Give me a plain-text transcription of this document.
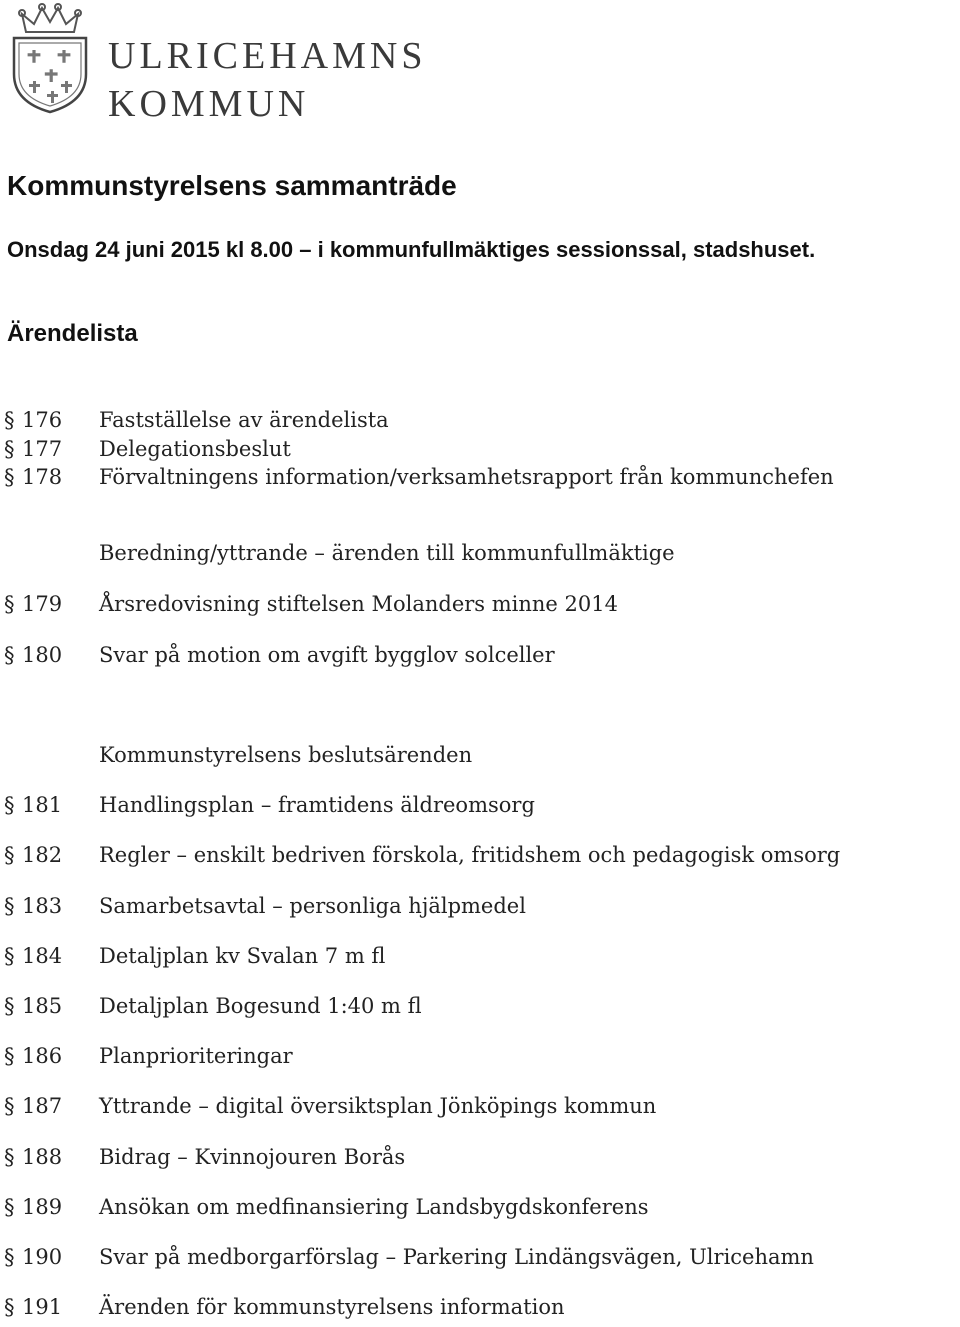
ULRICEHAMNS
KOMMUN
Kommunstyrelsens sammanträde
Onsdag 24 juni 2015 kl 8.00 – i kommunfullmäktiges sessionssal, stadshuset.
Ärendelista
§ 176 Fastställelse av ärendelista
§ 177 Delegationsbeslut
§ 178 Förvaltningens information/verksamhetsrapport från kommunchefen
Beredning/yttrande – ärenden till kommunfullmäktige
§ 179 Årsredovisning stiftelsen Molanders minne 2014
§ 180 Svar på motion om avgift bygglov solceller
Kommunstyrelsens beslutsärenden
§ 181 Handlingsplan – framtidens äldreomsorg
§ 182 Regler – enskilt bedriven förskola, fritidshem och pedagogisk omsorg
§ 183 Samarbetsavtal – personliga hjälpmedel
§ 184 Detaljplan kv Svalan 7 m fl
§ 185 Detaljplan Bogesund 1:40 m fl
§ 186 Planprioriteringar
§ 187 Yttrande – digital översiktsplan Jönköpings kommun
§ 188 Bidrag – Kvinnojouren Borås
§ 189 Ansökan om medfinansiering Landsbygdskonferens
§ 190 Svar på medborgarförslag – Parkering Lindängsvägen, Ulricehamn
§ 191 Ärenden för kommunstyrelsens information
